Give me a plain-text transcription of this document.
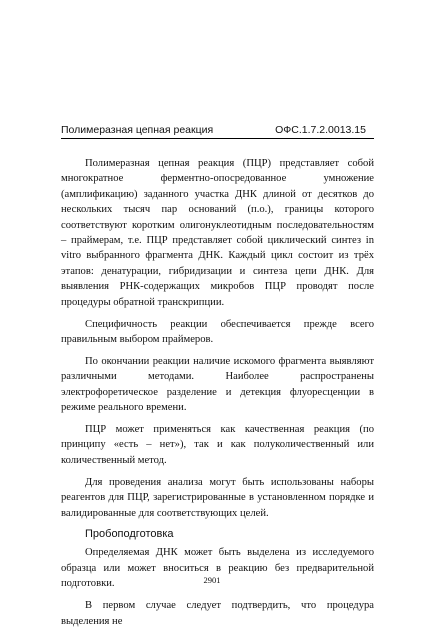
Полимеразная цепная реакция	ОФС.1.7.2.0013.15

Полимеразная цепная реакция (ПЦР) представляет собой многократное ферментно-опосредованное умножение (амплификацию) заданного участка ДНК длиной от десятков до нескольких тысяч пар оснований (п.о.), границы которого соответствуют коротким олигонуклеотидным последовательностям – праймерам, т.е. ПЦР представляет собой циклический синтез in vitro выбранного фрагмента ДНК. Каждый цикл состоит из трёх этапов: денатурации, гибридизации и синтеза цепи ДНК. Для выявления РНК-содержащих микробов ПЦР проводят после процедуры обратной транскрипции.

Специфичность реакции обеспечивается прежде всего правильным выбором праймеров.

По окончании реакции наличие искомого фрагмента выявляют различными методами. Наиболее распространены электрофоретическое разделение и детекция флуоресценции в режиме реального времени.

ПЦР может применяться как качественная реакция (по принципу «есть – нет»), так и как полуколичественный или количественный метод.

Для проведения анализа могут быть использованы наборы реагентов для ПЦР, зарегистрированные в установленном порядке и валидированные для соответствующих целей.

Пробоподготовка

Определяемая ДНК может быть выделена из исследуемого образца или может вноситься в реакцию без предварительной подготовки.

В первом случае следует подтвердить, что процедура выделения не

2901
